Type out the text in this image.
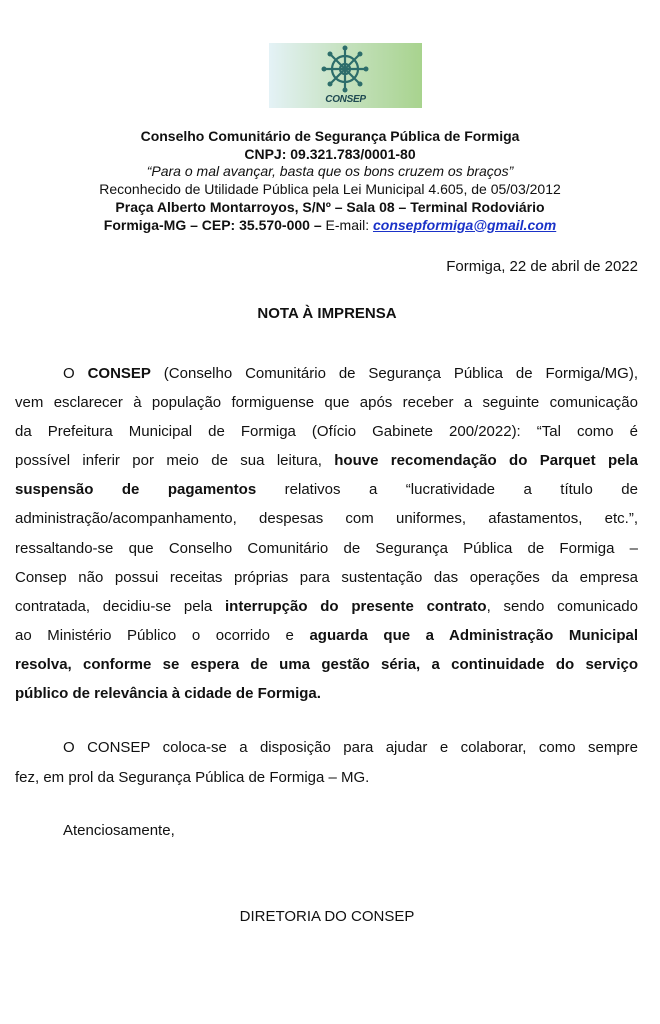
CONSEP
Conselho Comunitário de Segurança Pública de Formiga
CNPJ: 09.321.783/0001-80
“Para o mal avançar, basta que os bons cruzem os braços”
Reconhecido de Utilidade Pública pela Lei Municipal 4.605, de 05/03/2012
Praça Alberto Montarroyos, S/Nº – Sala 08 – Terminal Rodoviário
Formiga-MG – CEP: 35.570-000 – E-mail: consepformiga@gmail.com
Formiga, 22 de abril de 2022
NOTA À IMPRENSA
O CONSEP (Conselho Comunitário de Segurança Pública de Formiga/MG),
vem esclarecer à população formiguense que após receber a seguinte comunicação
da Prefeitura Municipal de Formiga (Ofício Gabinete 200/2022): “Tal como é
possível inferir por meio de sua leitura, houve recomendação do Parquet pela
suspensão de pagamentos relativos a “lucratividade a título de
administração/acompanhamento, despesas com uniformes, afastamentos, etc.”,
ressaltando-se que Conselho Comunitário de Segurança Pública de Formiga –
Consep não possui receitas próprias para sustentação das operações da empresa
contratada, decidiu-se pela interrupção do presente contrato, sendo comunicado
ao Ministério Público o ocorrido e aguarda que a Administração Municipal
resolva, conforme se espera de uma gestão séria, a continuidade do serviço
público de relevância à cidade de Formiga.
O CONSEP coloca-se a disposição para ajudar e colaborar, como sempre
fez, em prol da Segurança Pública de Formiga – MG.
Atenciosamente,
DIRETORIA DO CONSEP
